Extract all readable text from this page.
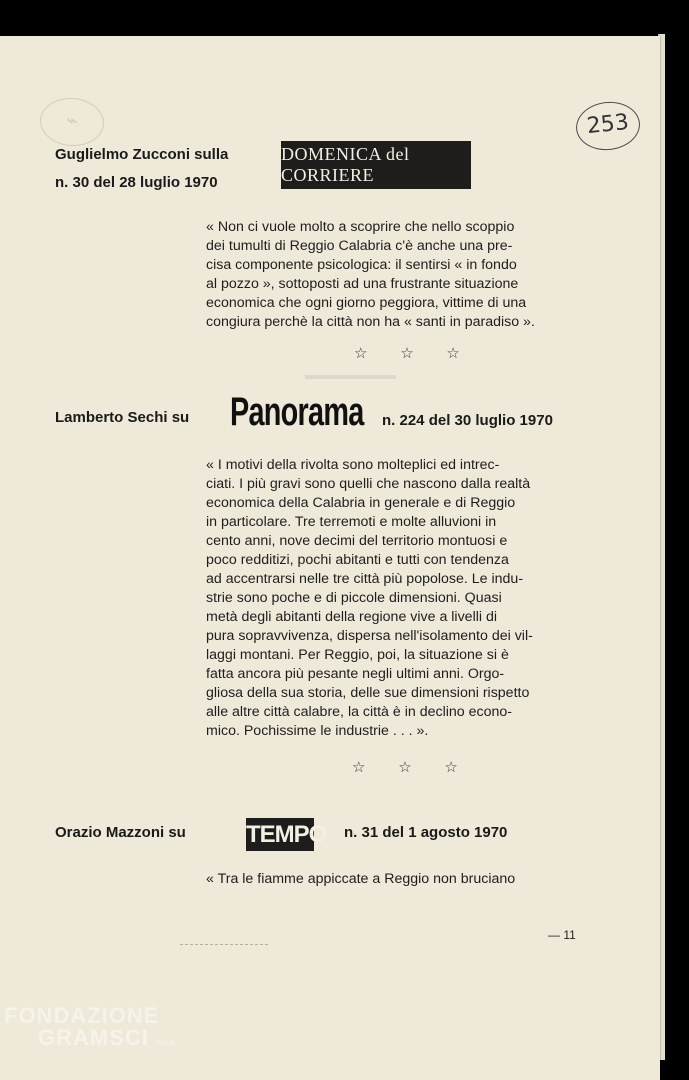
▬▬▬▬▬▬▬
⌁	253
Guglielmo Zucconi sulla
n. 30 del 28 luglio 1970
DOMENICA del CORRIERE
« Non ci vuole molto a scoprire che nello scoppio
dei tumulti di Reggio Calabria c'è anche una pre-
cisa componente psicologica: il sentirsi « in fondo
al pozzo », sottoposti ad una frustrante situazione
economica che ogni giorno peggiora, vittime di una
congiura perchè la città non ha « santi in paradiso ».
☆ ☆ ☆
Lamberto Sechi su Panorama n. 224 del 30 luglio 1970
« I motivi della rivolta sono molteplici ed intrec-
ciati. I più gravi sono quelli che nascono dalla realtà
economica della Calabria in generale e di Reggio
in particolare. Tre terremoti e molte alluvioni in
cento anni, nove decimi del territorio montuosi e
poco redditizi, pochi abitanti e tutti con tendenza
ad accentrarsi nelle tre città più popolose. Le indu-
strie sono poche e di piccole dimensioni. Quasi
metà degli abitanti della regione vive a livelli di
pura sopravvivenza, dispersa nell'isolamento dei vil-
laggi montani. Per Reggio, poi, la situazione si è
fatta ancora più pesante negli ultimi anni. Orgo-
gliosa della sua storia, delle sue dimensioni rispetto
alle altre città calabre, la città è in declino econo-
mico. Pochissime le industrie . . . ».
☆ ☆ ☆
Orazio Mazzoni su	TEMPO n. 31 del 1 agosto 1970
« Tra le fiamme appiccate a Reggio non bruciano
— 11
FONDAZIONE
GRAMSCI onlus
